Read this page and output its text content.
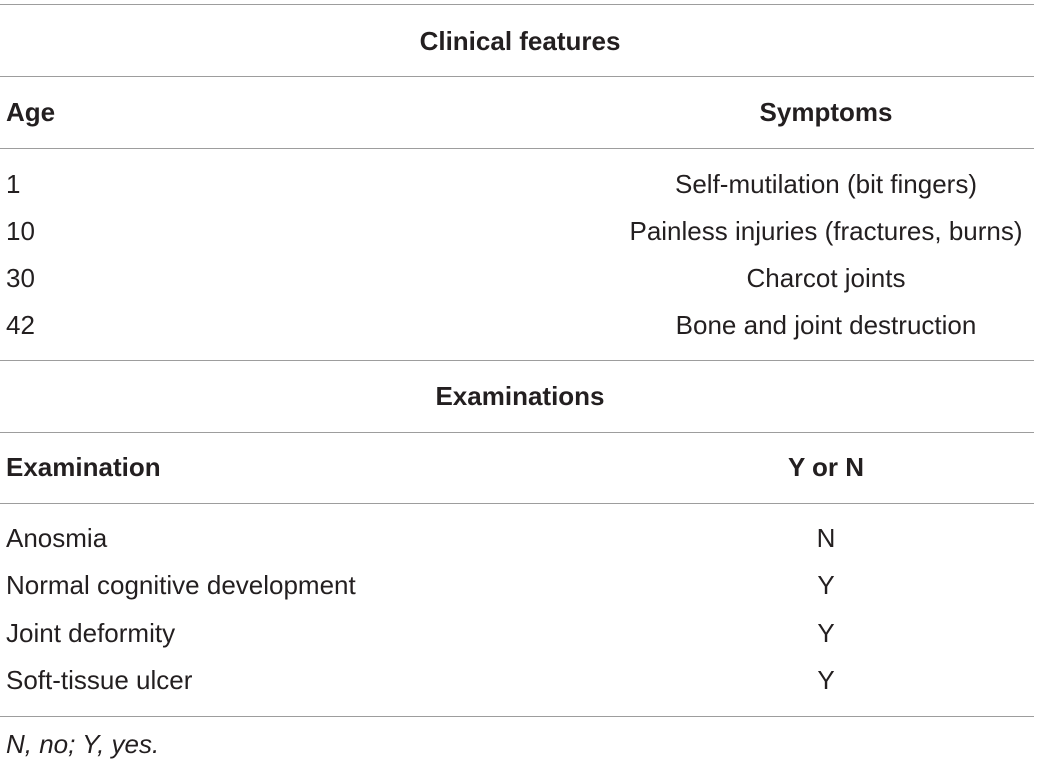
Clinical features
Age	Symptoms
1	Self-mutilation (bit fingers)
10	Painless injuries (fractures, burns)
30	Charcot joints
42	Bone and joint destruction
Examinations
Examination	Y or N
Anosmia	N
Normal cognitive development	Y
Joint deformity	Y
Soft-tissue ulcer	Y
N, no; Y, yes.
